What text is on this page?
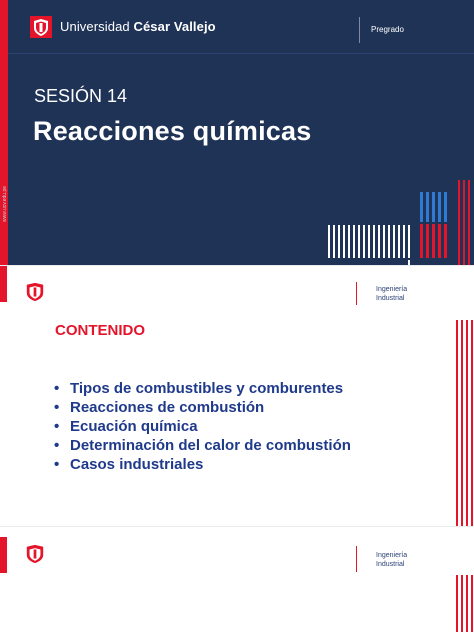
Universidad César Vallejo	Pregrado
SESIÓN 14
Reacciones químicas
www.ucv.edu.pe
Ingeniería
Industrial
CONTENIDO
• Tipos de combustibles y comburentes
• Reacciones de combustión
• Ecuación química
• Determinación del calor de combustión
• Casos industriales
Ingeniería
Industrial
